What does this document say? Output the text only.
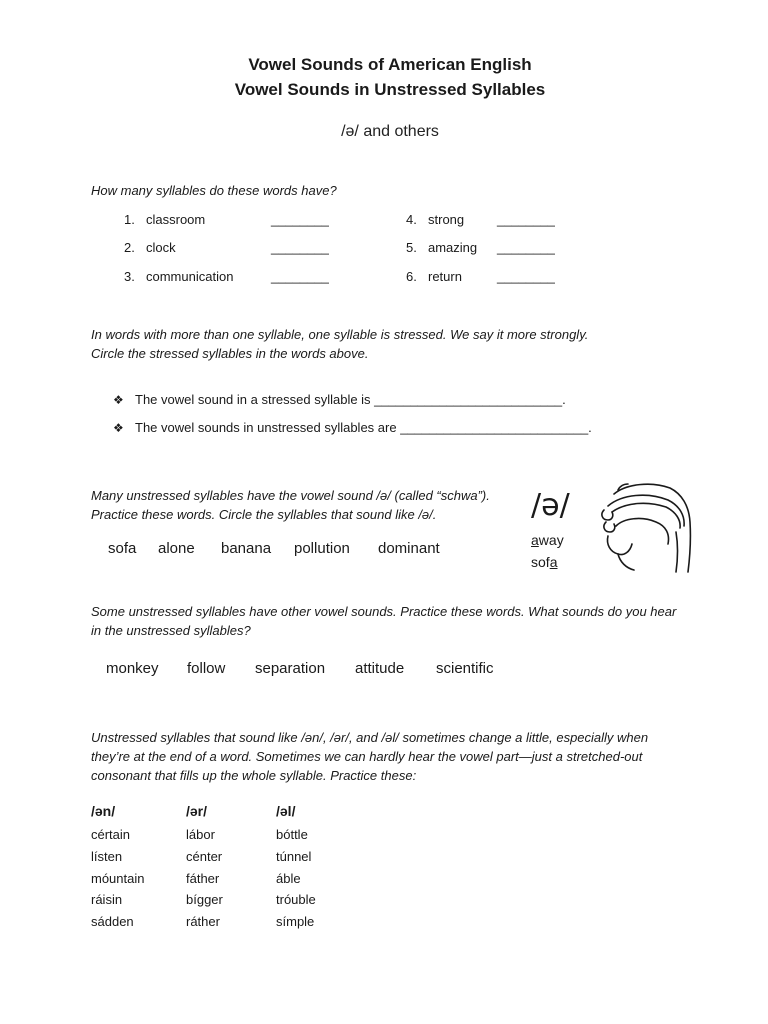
Vowel Sounds of American English
Vowel Sounds in Unstressed Syllables
/ə/ and others
How many syllables do these words have?
1. classroom	________
2. clock	________
3. communication	________
4. strong	________
5. amazing ________
6. return	________
In words with more than one syllable, one syllable is stressed. We say it more strongly.
Circle the stressed syllables in the words above.
❖ The vowel sound in a stressed syllable is __________________________.
❖ The vowel sounds in unstressed syllables are __________________________.
Many unstressed syllables have the vowel sound /ə/ (called “schwa”).
Practice these words. Circle the syllables that sound like /ə/.
sofa alone banana pollution dominant
/ə/
away
sofa
Some unstressed syllables have other vowel sounds. Practice these words. What sounds do you hear
in the unstressed syllables?
monkey follow separation attitude scientific
Unstressed syllables that sound like /ən/, /ər/, and /əl/ sometimes change a little, especially when
they’re at the end of a word. Sometimes we can hardly hear the vowel part—just a stretched-out
consonant that fills up the whole syllable. Practice these:
/ən/
cértain
lísten
móuntain
ráisin
sádden
/ər/
lábor
cénter
fáther
bígger
ráther
/əl/
bóttle
túnnel
áble
tróuble
símple
